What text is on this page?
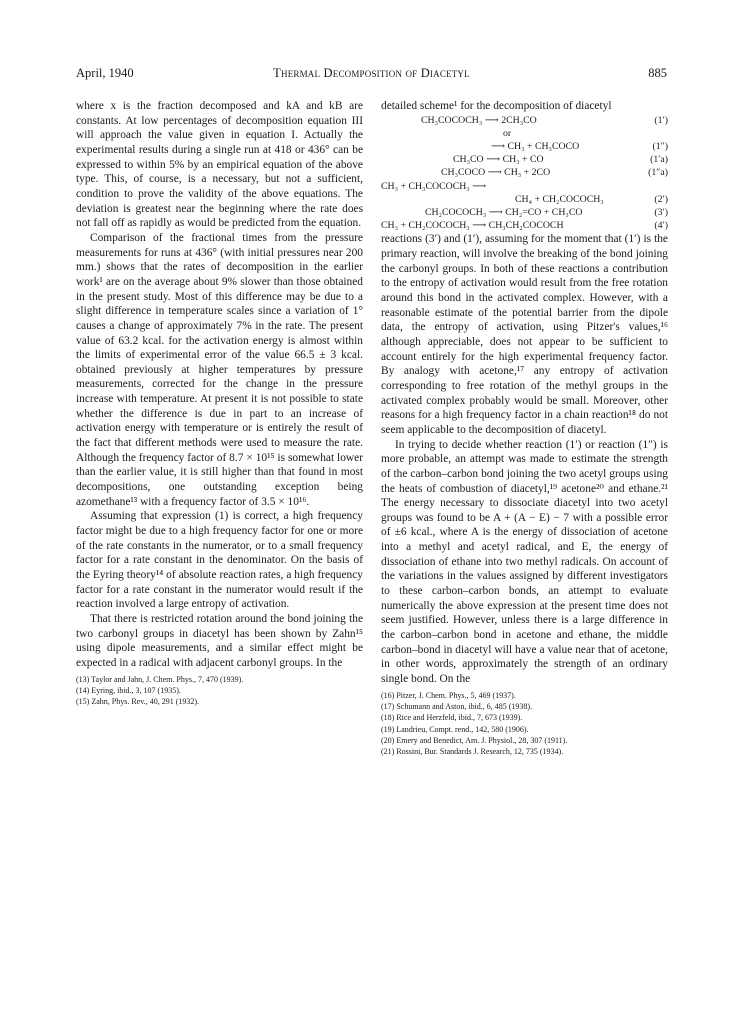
April, 1940	Thermal Decomposition of Diacetyl	885

where x is the fraction decomposed and kA and kB are constants. At low percentages of decomposition equation III will approach the value given in equation I. Actually the experimental results during a single run at 418 or 436° can be expressed to within 5% by an empirical equation of the above type. This, of course, is a necessary, but not a sufficient, condition to prove the validity of the above equations. The deviation is greatest near the beginning where the rate does not fall off as rapidly as would be predicted from the equation.

Comparison of the fractional times from the pressure measurements for runs at 436° (with initial pressures near 200 mm.) shows that the rates of decomposition in the earlier work¹ are on the average about 9% slower than those obtained in the present study. Most of this difference may be due to a slight difference in temperature scales since a variation of 1° causes a change of approximately 7% in the rate. The present value of 63.2 kcal. for the activation energy is almost within the limits of experimental error of the value 66.5 ± 3 kcal. obtained previously at higher temperatures by pressure measurements, corrected for the change in the pressure increase with temperature. At present it is not possible to state whether the difference is due in part to an increase of activation energy with temperature or is entirely the result of the fact that different methods were used to measure the rate. Although the frequency factor of 8.7 × 10¹⁵ is somewhat lower than the earlier value, it is still higher than that found in most decompositions, one outstanding exception being azomethane¹³ with a frequency factor of 3.5 × 10¹⁶.

Assuming that expression (1) is correct, a high frequency factor might be due to a high frequency factor for one or more of the rate constants in the numerator, or to a small frequency factor for a rate constant in the denominator. On the basis of the Eyring theory¹⁴ of absolute reaction rates, a high frequency factor for a rate constant in the numerator would result if the reaction involved a large entropy of activation.

That there is restricted rotation around the bond joining the two carbonyl groups in diacetyl has been shown by Zahn¹⁵ using dipole measurements, and a similar effect might be expected in a radical with adjacent carbonyl groups. In the

(13) Taylor and Jahn, J. Chem. Phys., 7, 470 (1939).
(14) Eyring, ibid., 3, 107 (1935).
(15) Zahn, Phys. Rev., 40, 291 (1932).

detailed scheme¹ for the decomposition of diacetyl

CH₃COCOCH₃ ⟶ 2CH₃CO	(1′)
or
⟶ CH₃ + CH₃COCO	(1″)
CH₃CO ⟶ CH₃ + CO	(1′a)
CH₃COCO ⟶ CH₃ + 2CO	(1″a)
CH₃ + CH₃COCOCH₃ ⟶
CH₄ + CH₂COCOCH₃	(2′)
CH₂COCOCH₃ ⟶ CH₂=CO + CH₃CO	(3′)
CH₃ + CH₂COCOCH₃ ⟶ CH₃CH₂COCOCH	(4′)

reactions (3′) and (1′), assuming for the moment that (1′) is the primary reaction, will involve the breaking of the bond joining the carbonyl groups. In both of these reactions a contribution to the entropy of activation would result from the free rotation around this bond in the activated complex. However, with a reasonable estimate of the potential barrier from the dipole data, the entropy of activation, using Pitzer's values,¹⁶ although appreciable, does not appear to be sufficient to account entirely for the high experimental frequency factor. By analogy with acetone,¹⁷ any entropy of activation corresponding to free rotation of the methyl groups in the activated complex probably would be small. Moreover, other reasons for a high frequency factor in a chain reaction¹⁸ do not seem applicable to the decomposition of diacetyl.

In trying to decide whether reaction (1′) or reaction (1″) is more probable, an attempt was made to estimate the strength of the carbon–carbon bond joining the two acetyl groups using the heats of combustion of diacetyl,¹⁹ acetone²⁰ and ethane.²¹ The energy necessary to dissociate diacetyl into two acetyl groups was found to be A + (A − E) − 7 with a possible error of ±6 kcal., where A is the energy of dissociation of acetone into a methyl and acetyl radical, and E, the energy of dissociation of ethane into two methyl radicals. On account of the variations in the values assigned by different investigators to these carbon–carbon bonds, an attempt to evaluate numerically the above expression at the present time does not seem justified. However, unless there is a large difference in the carbon–carbon bond in acetone and ethane, the middle carbon–bond in diacetyl will have a value near that of acetone, in other words, approximately the strength of an ordinary single bond. On the

(16) Pitzer, J. Chem. Phys., 5, 469 (1937).
(17) Schumann and Aston, ibid., 6, 485 (1938).
(18) Rice and Herzfeld, ibid., 7, 673 (1939).
(19) Landrieu, Compt. rend., 142, 580 (1906).
(20) Emery and Benedict, Am. J. Physiol., 28, 307 (1911).
(21) Rossini, Bur. Standards J. Research, 12, 735 (1934).
